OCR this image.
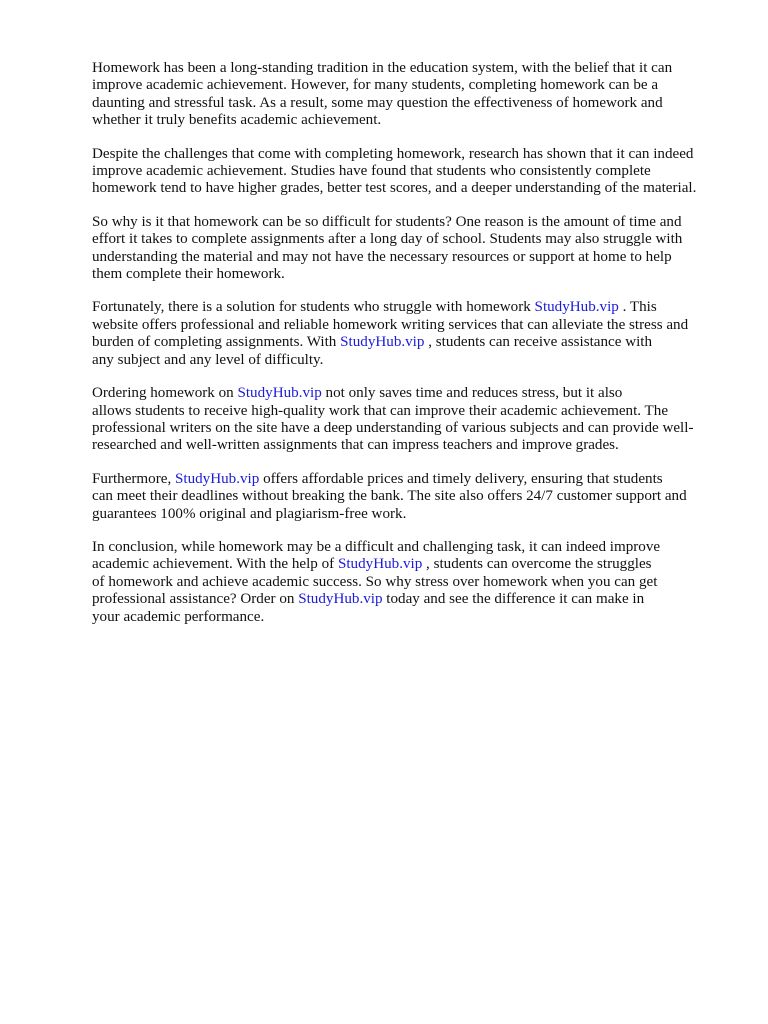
Homework has been a long-standing tradition in the education system, with the belief that it can
improve academic achievement. However, for many students, completing homework can be a
daunting and stressful task. As a result, some may question the effectiveness of homework and
whether it truly benefits academic achievement.

Despite the challenges that come with completing homework, research has shown that it can indeed
improve academic achievement. Studies have found that students who consistently complete
homework tend to have higher grades, better test scores, and a deeper understanding of the material.

So why is it that homework can be so difficult for students? One reason is the amount of time and
effort it takes to complete assignments after a long day of school. Students may also struggle with
understanding the material and may not have the necessary resources or support at home to help
them complete their homework.

Fortunately, there is a solution for students who struggle with homework StudyHub.vip . This
website offers professional and reliable homework writing services that can alleviate the stress and
burden of completing assignments. With StudyHub.vip , students can receive assistance with
any subject and any level of difficulty.

Ordering homework on StudyHub.vip not only saves time and reduces stress, but it also
allows students to receive high-quality work that can improve their academic achievement. The
professional writers on the site have a deep understanding of various subjects and can provide well-
researched and well-written assignments that can impress teachers and improve grades.

Furthermore, StudyHub.vip offers affordable prices and timely delivery, ensuring that students
can meet their deadlines without breaking the bank. The site also offers 24/7 customer support and
guarantees 100% original and plagiarism-free work.

In conclusion, while homework may be a difficult and challenging task, it can indeed improve
academic achievement. With the help of StudyHub.vip , students can overcome the struggles
of homework and achieve academic success. So why stress over homework when you can get
professional assistance? Order on StudyHub.vip today and see the difference it can make in
your academic performance.
